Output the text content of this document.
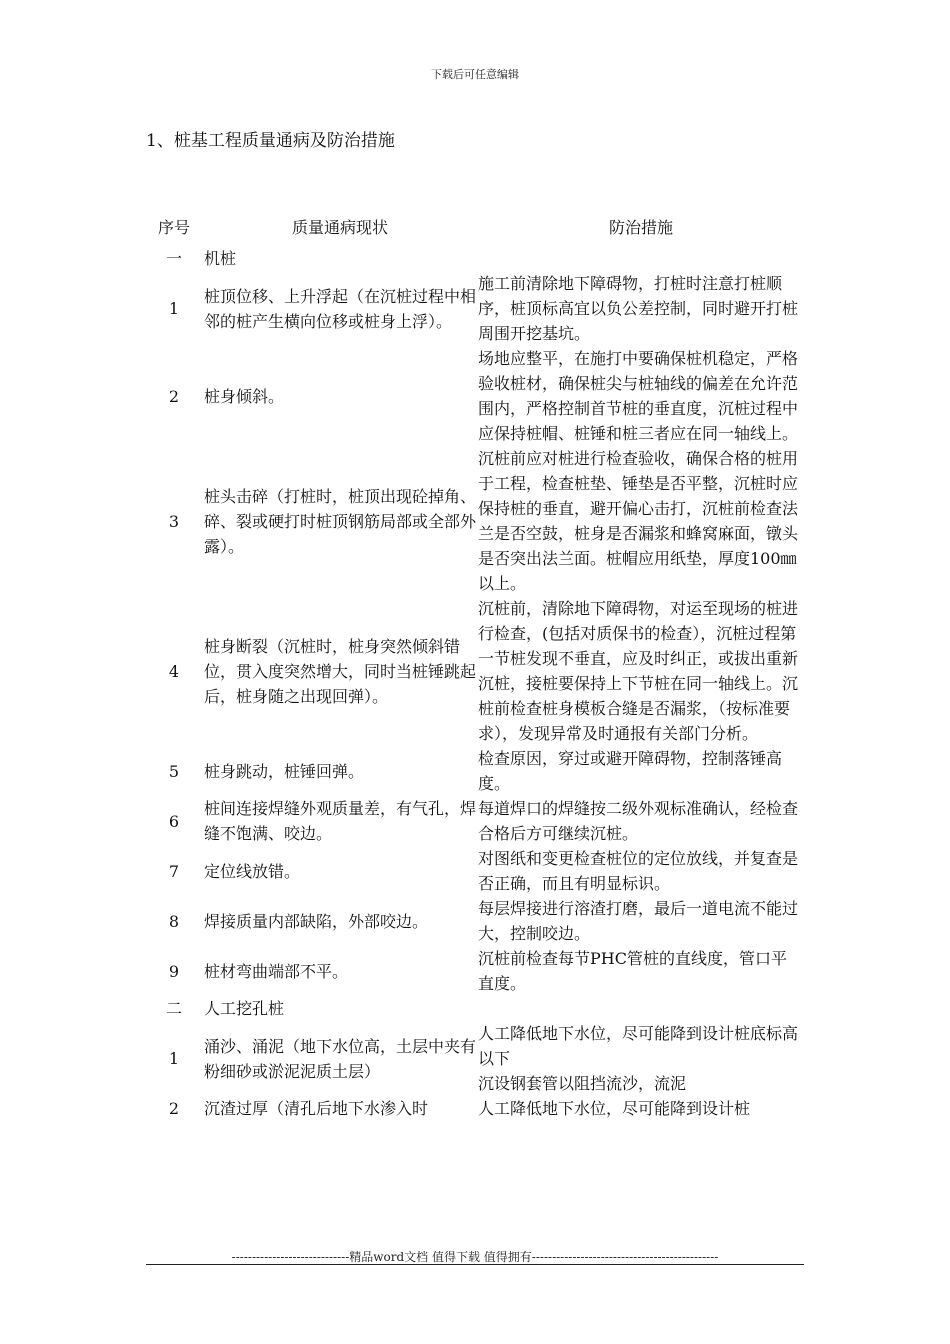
下载后可任意编辑
1、桩基工程质量通病及防治措施
序号	质量通病现状	防治措施
一	机桩	
1	桩顶位移、上升浮起（在沉桩过程中相邻的桩产生横向位移或桩身上浮）。	施工前清除地下障碍物，打桩时注意打桩顺序，桩顶标高宜以负公差控制，同时避开打桩周围开挖基坑。
2	桩身倾斜。	场地应整平，在施打中要确保桩机稳定，严格验收桩材，确保桩尖与桩轴线的偏差在允许范围内，严格控制首节桩的垂直度，沉桩过程中应保持桩帽、桩锤和桩三者应在同一轴线上。
3	桩头击碎（打桩时，桩顶出现砼掉角、碎、裂或硬打时桩顶钢筋局部或全部外露）。	沉桩前应对桩进行检查验收，确保合格的桩用于工程，检查桩垫、锤垫是否平整，沉桩时应保持桩的垂直，避开偏心击打，沉桩前检查法兰是否空鼓，桩身是否漏浆和蜂窝麻面，镦头是否突出法兰面。桩帽应用纸垫，厚度100㎜以上。
4	桩身断裂（沉桩时，桩身突然倾斜错位，贯入度突然增大，同时当桩锤跳起后，桩身随之出现回弹）。	沉桩前，清除地下障碍物，对运至现场的桩进行检查，(包括对质保书的检查），沉桩过程第一节桩发现不垂直，应及时纠正，或拔出重新沉桩，接桩要保持上下节桩在同一轴线上。沉桩前检查桩身模板合缝是否漏浆，（按标准要求），发现异常及时通报有关部门分析。
5	桩身跳动，桩锤回弹。	检查原因，穿过或避开障碍物，控制落锤高度。
6	桩间连接焊缝外观质量差，有气孔，焊缝不饱满、咬边。	每道焊口的焊缝按二级外观标准确认，经检查合格后方可继续沉桩。
7	定位线放错。	对图纸和变更检查桩位的定位放线，并复查是否正确，而且有明显标识。
8	焊接质量内部缺陷，外部咬边。	每层焊接进行溶渣打磨，最后一道电流不能过大，控制咬边。
9	桩材弯曲端部不平。	沉桩前检查每节PHC管桩的直线度，管口平直度。
二	人工挖孔桩	
1	涌沙、涌泥（地下水位高，土层中夹有粉细砂或淤泥泥质土层）	人工降低地下水位，尽可能降到设计桩底标高以下
沉设钢套管以阻挡流沙，流泥
2	沉渣过厚（清孔后地下水渗入时	人工降低地下水位，尽可能降到设计桩
-----------------------------精品word文档 值得下载 值得拥有----------------------------------------------
